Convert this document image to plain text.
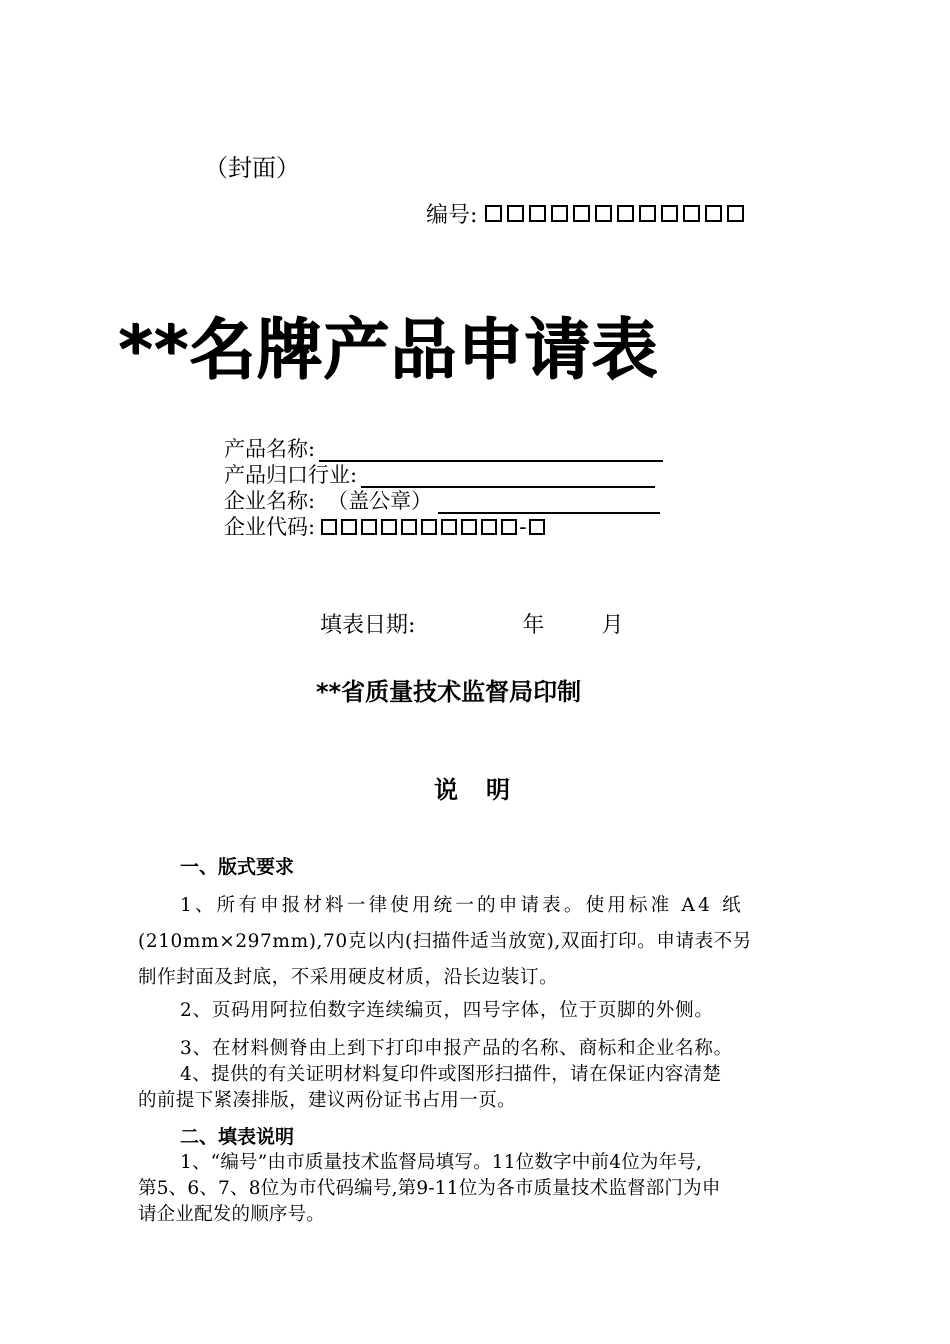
（封面）
编号:
**名牌产品申请表
产品名称:
产品归口行业:
企业名称: （盖公章）
企业代码:	-
填表日期:	年	月
**省质量技术监督局印制
说明
一、版式要求
1、所有申报材料一律使用统一的申请表。使用标准 A4 纸
(210mm×297mm),70克以内(扫描件适当放宽),双面打印。申请表不另
制作封面及封底，不采用硬皮材质，沿长边装订。
2、页码用阿拉伯数字连续编页，四号字体，位于页脚的外侧。
3、在材料侧脊由上到下打印申报产品的名称、商标和企业名称。
4、提供的有关证明材料复印件或图形扫描件，请在保证内容清楚
的前提下紧凑排版，建议两份证书占用一页。
二、填表说明
1、“编号”由市质量技术监督局填写。11位数字中前4位为年号,
第5、6、7、8位为市代码编号,第9-11位为各市质量技术监督部门为申
请企业配发的顺序号。
